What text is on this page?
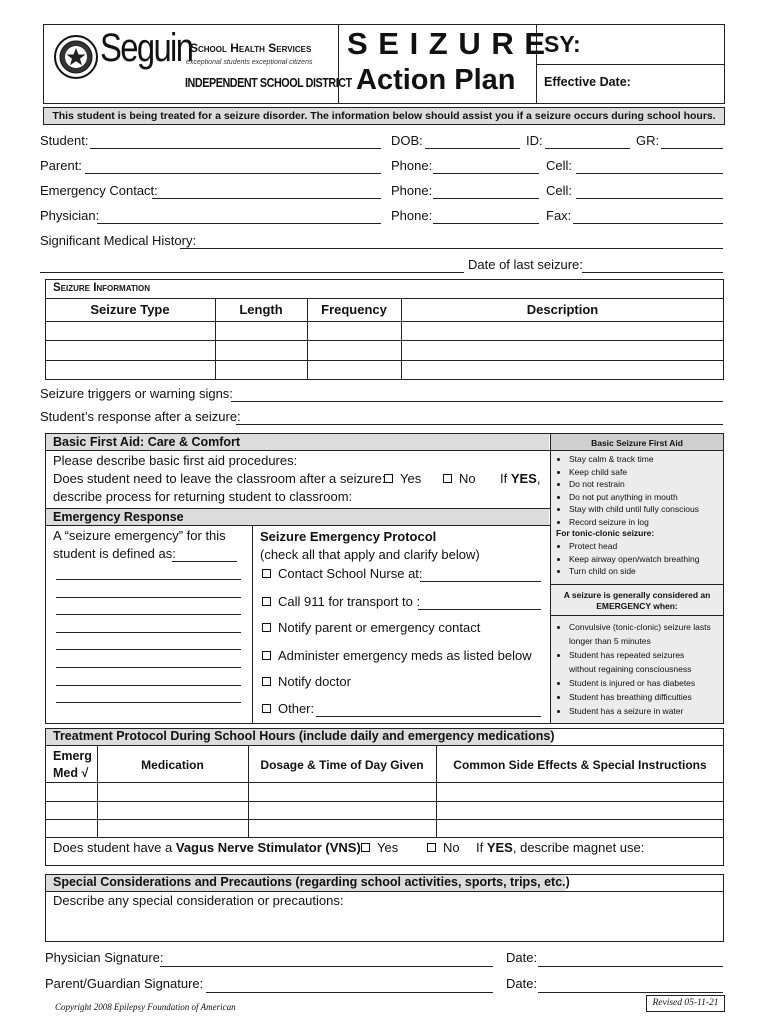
Seguin
exceptional students exceptional citizens
INDEPENDENT SCHOOL DISTRICT
School Health Services S E I Z U R E
Action Plan
SY:
Effective Date:
This student is being treated for a seizure disorder. The information below should assist you if a seizure occurs during school hours.
Student:	DOB:	ID:	GR:
Parent:	Phone:	Cell:
Emergency Contact:	Phone:	Cell:
Physician:	Phone:	Fax:
Significant Medical History:
Date of last seizure:
Seizure Information
Seizure Type	Length	Frequency	Description
Seizure triggers or warning signs:
Student’s response after a seizure:
Basic First Aid: Care & Comfort
Please describe basic first aid procedures:
Does student need to leave the classroom after a seizure:	Yes	No If YES,
describe process for returning student to classroom:
Emergency Response
A “seizure emergency” for this
student is defined as:
Seizure Emergency Protocol
(check all that apply and clarify below)
Contact School Nurse at:
Call 911 for transport to :
Notify parent or emergency contact
Administer emergency meds as listed below
Notify doctor
Other:
Basic Seizure First Aid
• Stay calm & track time
• Keep child safe
• Do not restrain
• Do not put anything in mouth
• Stay with child until fully conscious
• Record seizure in log
For tonic-clonic seizure:
• Protect head
• Keep airway open/watch breathing
• Turn child on side
A seizure is generally considered an
EMERGENCY when:
• Convulsive (tonic-clonic) seizure lasts
longer than 5 minutes
• Student has repeated seizures
without regaining consciousness
• Student is injured or has diabetes
• Student has breathing difficulties
• Student has a seizure in water
Treatment Protocol During School Hours (include daily and emergency medications)
Emerg
Med √
Medication	Dosage & Time of Day Given	Common Side Effects & Special Instructions
Does student have a Vagus Nerve Stimulator (VNS)	Yes	No If YES, describe magnet use:
Special Considerations and Precautions (regarding school activities, sports, trips, etc.)
Describe any special consideration or precautions:
Physician Signature:	Date:
Parent/Guardian Signature:	Date:
Copyright 2008 Epilepsy Foundation of American	Revised 05-11-21
